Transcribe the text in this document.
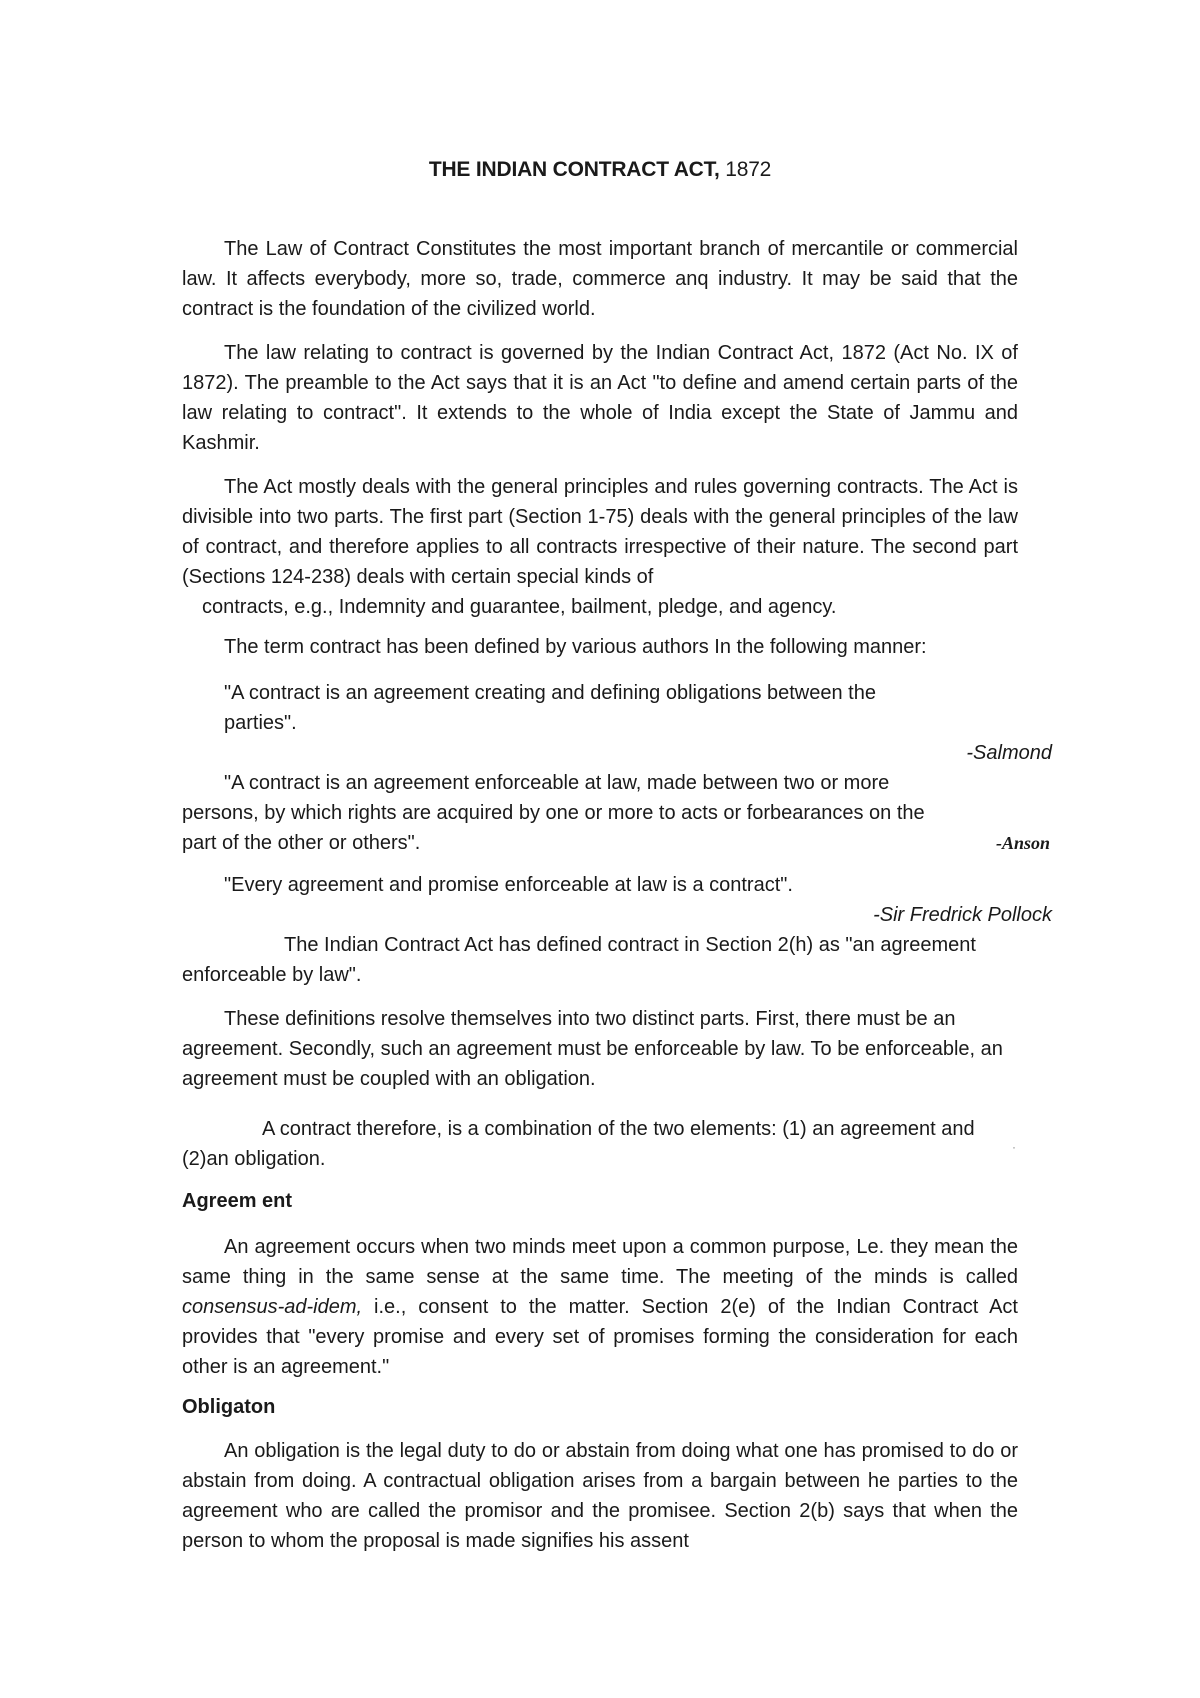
THE INDIAN CONTRACT ACT, 1872

The Law of Contract Constitutes the most important branch of mercantile or commercial law. It affects everybody, more so, trade, commerce anq industry. It may be said that the contract is the foundation of the civilized world.

The law relating to contract is governed by the Indian Contract Act, 1872 (Act No. IX of 1872). The preamble to the Act says that it is an Act "to define and amend certain parts of the law relating to contract". It extends to the whole of India except the State of Jammu and Kashmir.

The Act mostly deals with the general principles and rules governing contracts. The Act is divisible into two parts. The first part (Section 1-75) deals with the general principles of the law of contract, and therefore applies to all contracts irrespective of their nature. The second part (Sections 124-238) deals with certain special kinds of

contracts, e.g., Indemnity and guarantee, bailment, pledge, and agency.

The term contract has been defined by various authors In the following manner:

"A contract is an agreement creating and defining obligations between the

parties".

-Salmond

"A contract is an agreement enforceable at law, made between two or more

persons, by which rights are acquired by one or more to acts or forbearances on the

part of the other or others".	-Anson

"Every agreement and promise enforceable at law is a contract".

-Sir Fredrick Pollock

The Indian Contract Act has defined contract in Section 2(h) as "an agreement

enforceable by law".

These definitions resolve themselves into two distinct parts. First, there must be an agreement. Secondly, such an agreement must be enforceable by law. To be enforceable, an agreement must be coupled with an obligation.

A contract therefore, is a combination of the two elements: (1) an agreement and

(2)an obligation.

·
Agreem ent

An agreement occurs when two minds meet upon a common purpose, Le. they mean the same thing in the same sense at the same time. The meeting of the minds is called consensus-ad-idem, i.e., consent to the matter. Section 2(e) of the Indian Contract Act provides that "every promise and every set of promises forming the consideration for each other is an agreement."

Obligaton

An obligation is the legal duty to do or abstain from doing what one has promised to do or abstain from doing. A contractual obligation arises from a bargain between he parties to the agreement who are called the promisor and the promisee. Section 2(b) says that when the person to whom the proposal is made signifies his assent
